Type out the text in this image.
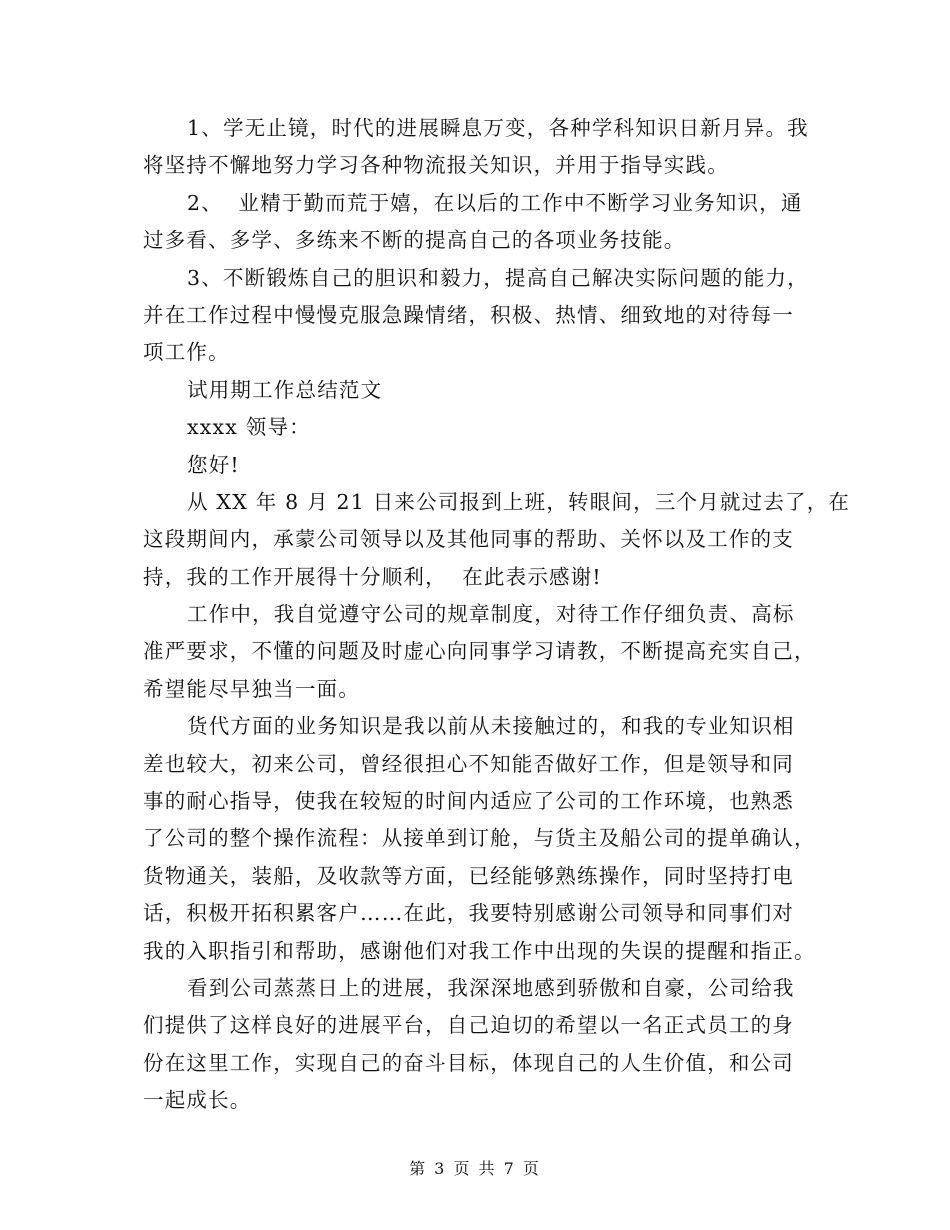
1、学无止镜，时代的进展瞬息万变，各种学科知识日新月异。我
将坚持不懈地努力学习各种物流报关知识，并用于指导实践。
2、  业精于勤而荒于嬉，在以后的工作中不断学习业务知识，通
过多看、多学、多练来不断的提高自己的各项业务技能。
3、不断锻炼自己的胆识和毅力，提高自己解决实际问题的能力，
并在工作过程中慢慢克服急躁情绪，积极、热情、细致地的对待每一
项工作。
试用期工作总结范文
xxxx 领导：
您好!
从 XX 年 8 月 21 日来公司报到上班，转眼间，三个月就过去了，在
这段期间内，承蒙公司领导以及其他同事的帮助、关怀以及工作的支
持，我的工作开展得十分顺利，  在此表示感谢!
工作中，我自觉遵守公司的规章制度，对待工作仔细负责、高标
准严要求，不懂的问题及时虚心向同事学习请教，不断提高充实自己，
希望能尽早独当一面。
货代方面的业务知识是我以前从未接触过的，和我的专业知识相
差也较大，初来公司，曾经很担心不知能否做好工作，但是领导和同
事的耐心指导，使我在较短的时间内适应了公司的工作环境，也熟悉
了公司的整个操作流程：从接单到订舱，与货主及船公司的提单确认，
货物通关，装船，及收款等方面，已经能够熟练操作，同时坚持打电
话，积极开拓积累客户……在此，我要特别感谢公司领导和同事们对
我的入职指引和帮助，感谢他们对我工作中出现的失误的提醒和指正。
看到公司蒸蒸日上的进展，我深深地感到骄傲和自豪，公司给我
们提供了这样良好的进展平台，自己迫切的希望以一名正式员工的身
份在这里工作，实现自己的奋斗目标，体现自己的人生价值，和公司
一起成长。
第 3 页 共 7 页
